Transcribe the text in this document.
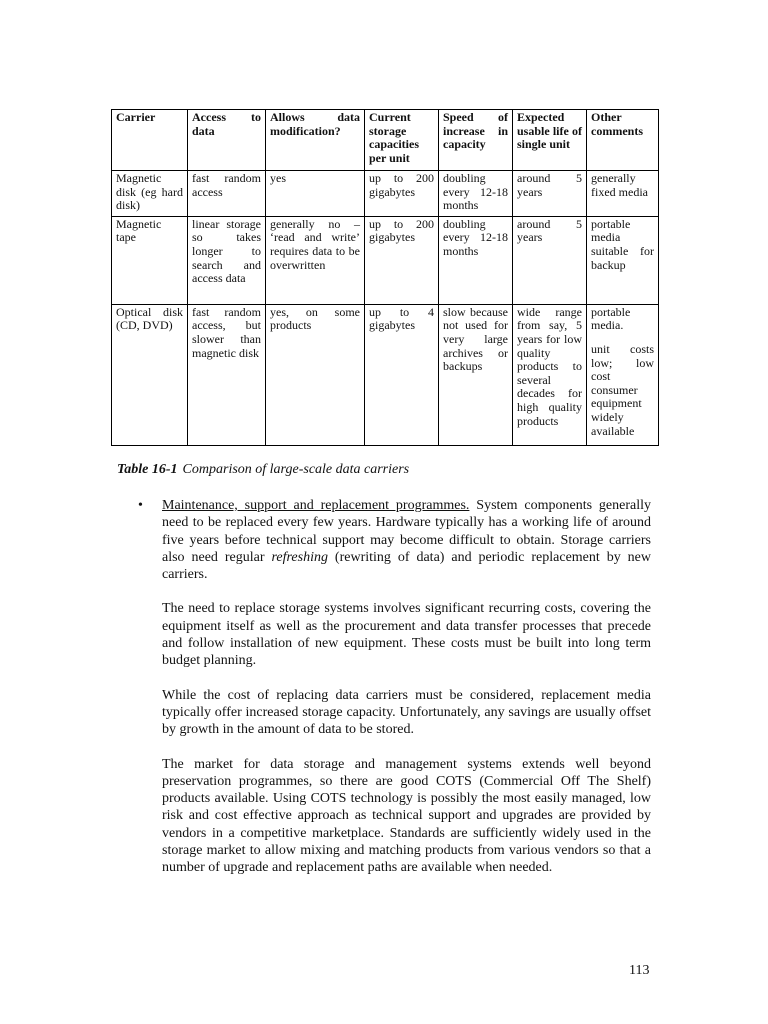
Carrier	Access to data	Allows data modification?	Current storage capacities per unit	Speed of increase in capacity	Expected usable life of single unit	Other comments
Magnetic disk (eg hard disk)	fast random access	yes	up to 200 gigabytes	doubling every 12-18 months	around 5 years	generally fixed media
Magnetic tape	linear storage so takes longer to search and access data	generally no – ‘read and write’ requires data to be overwritten	up to 200 gigabytes	doubling every 12-18 months	around 5 years	portable media suitable for backup
Optical disk (CD, DVD)	fast random access, but slower than magnetic disk	yes, on some products	up to 4 gigabytes	slow because not used for very large archives or backups	wide range from say, 5 years for low quality products to several decades for high quality products	portable media.
unit costs low; low cost consumer equipment widely available
Table 16-1 Comparison of large-scale data carriers

• Maintenance, support and replacement programmes. System components generally need to be replaced every few years. Hardware typically has a working life of around five years before technical support may become difficult to obtain. Storage carriers also need regular refreshing (rewriting of data) and periodic replacement by new carriers.

The need to replace storage systems involves significant recurring costs, covering the equipment itself as well as the procurement and data transfer processes that precede and follow installation of new equipment. These costs must be built into long term budget planning.

While the cost of replacing data carriers must be considered, replacement media typically offer increased storage capacity. Unfortunately, any savings are usually offset by growth in the amount of data to be stored.

The market for data storage and management systems extends well beyond preservation programmes, so there are good COTS (Commercial Off The Shelf) products available. Using COTS technology is possibly the most easily managed, low risk and cost effective approach as technical support and upgrades are provided by vendors in a competitive marketplace. Standards are sufficiently widely used in the storage market to allow mixing and matching products from various vendors so that a number of upgrade and replacement paths are available when needed.

113
